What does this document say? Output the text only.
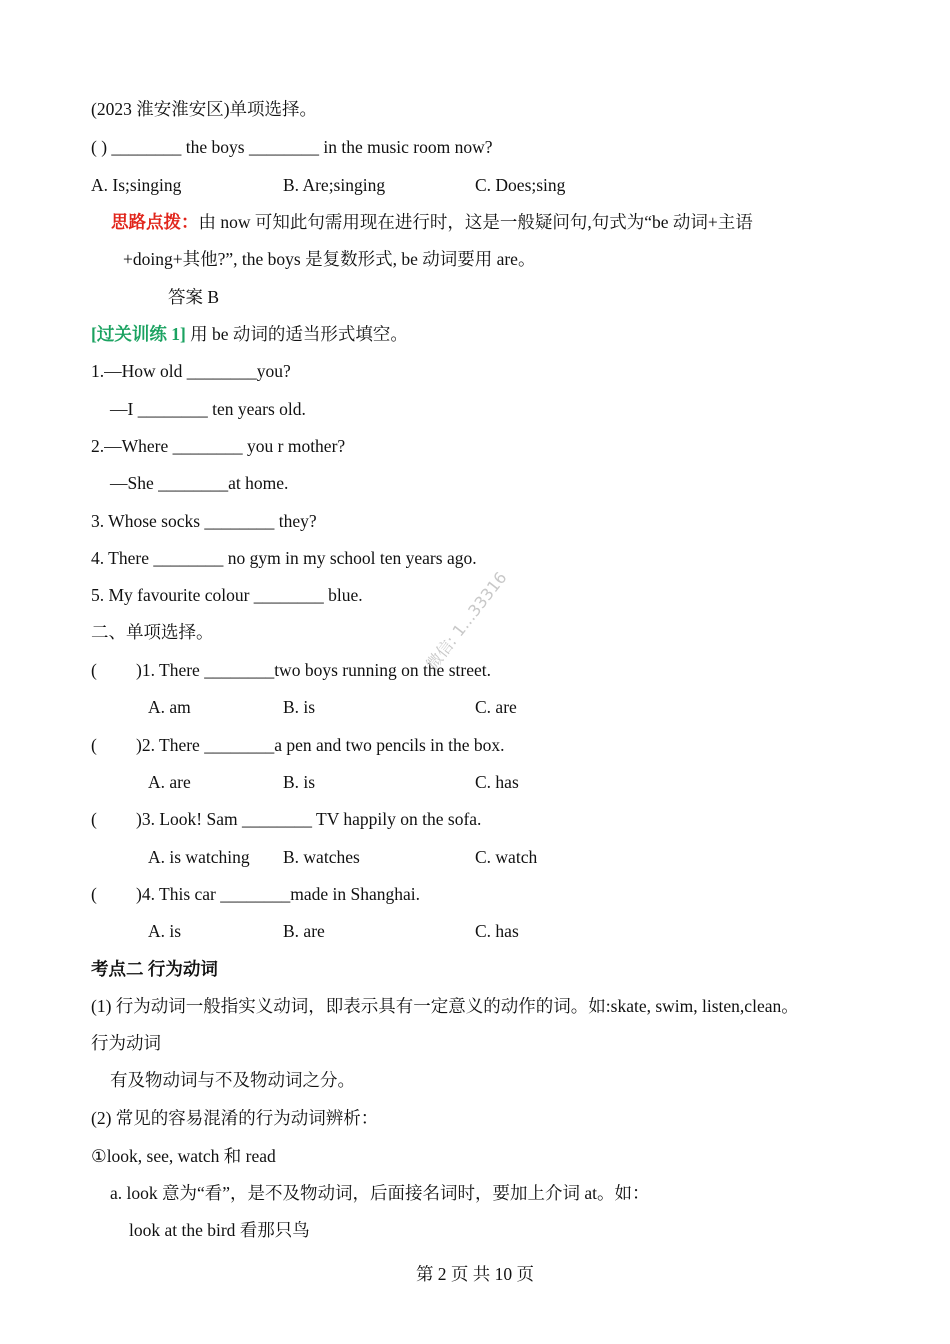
(2023 淮安淮安区)单项选择。
( ) ________ the boys ________ in the music room now?
A. Is;singing	B. Are;singing	C. Does;sing
思路点拨：由 now 可知此句需用现在进行时，这是一般疑问句,句式为“be 动词+主语
+doing+其他?”, the boys 是复数形式, be 动词要用 are。
答案 B
[过关训练 1] 用 be 动词的适当形式填空。
1.—How old ________you?
—I ________ ten years old.
2.—Where ________ you r mother?
—She ________at home.
3. Whose socks ________ they?
4. There ________ no gym in my school ten years ago.
5. My favourite colour ________ blue.
二、单项选择。
( )1. There ________two boys running on the street.
A. am	B. is	C. are
( )2. There ________a pen and two pencils in the box.
A. are	B. is	C. has
( )3. Look! Sam ________ TV happily on the sofa.
A. is watching B. watches	C. watch
( )4. This car ________made in Shanghai.
A. is	B. are	C. has
考点二 行为动词
(1) 行为动词一般指实义动词，即表示具有一定意义的动作的词。如:skate, swim, listen,clean。
行为动词
有及物动词与不及物动词之分。
(2) 常见的容易混淆的行为动词辨析：
①look, see, watch 和 read
a. look 意为“看”，是不及物动词，后面接名词时，要加上介词 at。如：
look at the bird 看那只鸟
微信: 1...33316
第 2 页 共 10 页
